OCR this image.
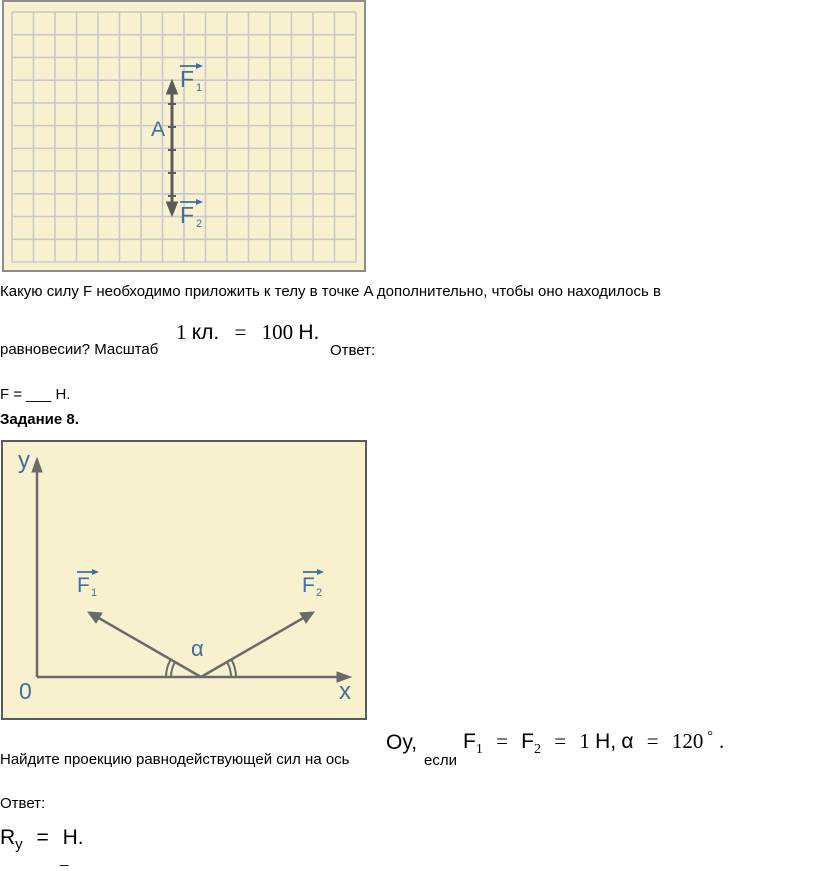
A
F 1
F 2
Какую силу F необходимо приложить к телу в точке A дополнительно, чтобы оно находилось в
равновесии? Масштаб
1 кл. = 100 Н.
Ответ:
F = ___ Н.
Задание 8.
y
x
0
α
F 1	F 2
Найдите проекцию равнодействующей сил на ось
Oy,
если
$F_1 = F_2 = 1$ Н, α = 120 ° .
Ответ:
$R_y = Н$.
_
